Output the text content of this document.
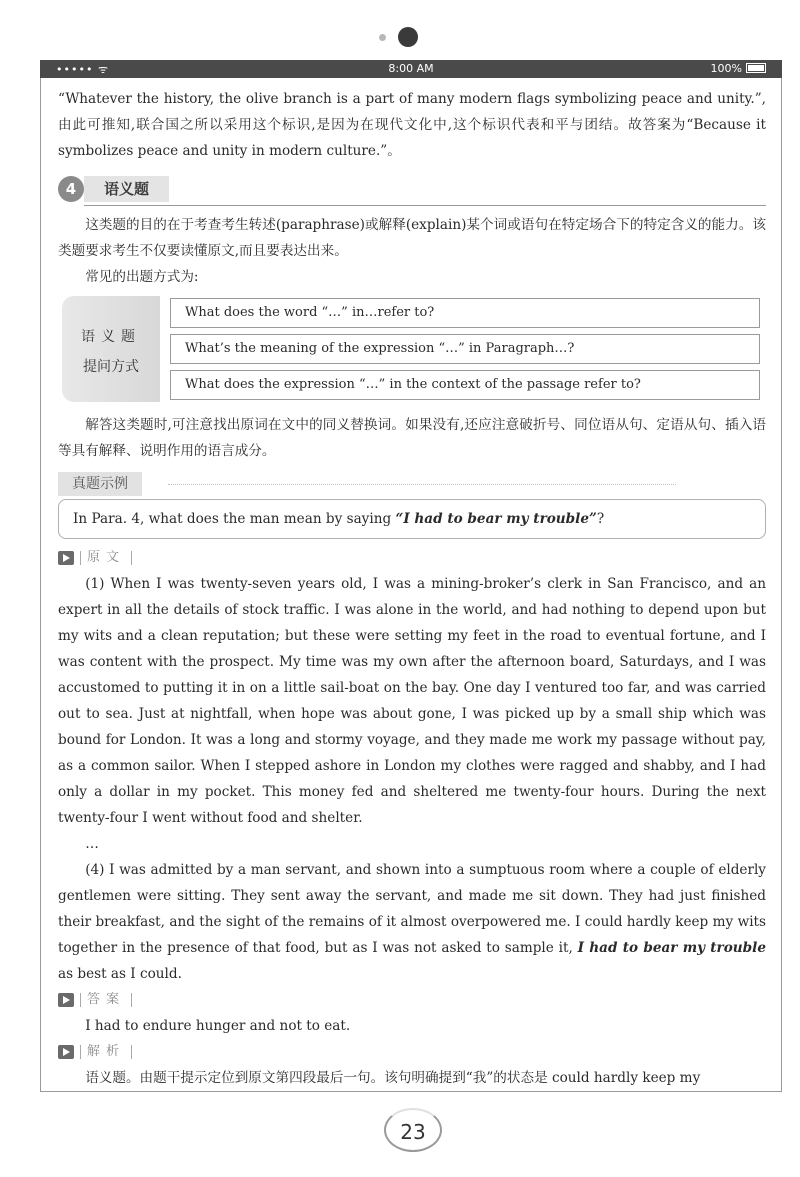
••••• ᯤ	8:00 AM	100%

“Whatever the history, the olive branch is a part of many modern flags symbolizing peace and unity.”,由此可推知,联合国之所以采用这个标识,是因为在现代文化中,这个标识代表和平与团结。故答案为“Because it symbolizes peace and unity in modern culture.”。

4	语义题

这类题的目的在于考查考生转述(paraphrase)或解释(explain)某个词或语句在特定场合下的特定含义的能力。该类题要求考生不仅要读懂原文,而且要表达出来。

常见的出题方式为:

语义题
提问方式
What does the word “…” in…refer to?
What’s the meaning of the expression “…” in Paragraph…?
What does the expression “…” in the context of the passage refer to?

解答这类题时,可注意找出原词在文中的同义替换词。如果没有,还应注意破折号、同位语从句、定语从句、插入语等具有解释、说明作用的语言成分。

真题示例
In Para. 4, what does the man mean by saying “I had to bear my trouble”?
原文

(1) When I was twenty-seven years old, I was a mining-broker’s clerk in San Francisco, and an expert in all the details of stock traffic. I was alone in the world, and had nothing to depend upon but my wits and a clean reputation; but these were setting my feet in the road to eventual fortune, and I was content with the prospect. My time was my own after the afternoon board, Saturdays, and I was accustomed to putting it in on a little sail-boat on the bay. One day I ventured too far, and was carried out to sea. Just at nightfall, when hope was about gone, I was picked up by a small ship which was bound for London. It was a long and stormy voyage, and they made me work my passage without pay, as a common sailor. When I stepped ashore in London my clothes were ragged and shabby, and I had only a dollar in my pocket. This money fed and sheltered me twenty-four hours. During the next twenty-four I went without food and shelter.

…

(4) I was admitted by a man servant, and shown into a sumptuous room where a couple of elderly gentlemen were sitting. They sent away the servant, and made me sit down. They had just finished their breakfast, and the sight of the remains of it almost overpowered me. I could hardly keep my wits together in the presence of that food, but as I was not asked to sample it, I had to bear my trouble as best as I could.

答案

I had to endure hunger and not to eat.

解析

语义题。由题干提示定位到原文第四段最后一句。该句明确提到“我”的状态是 could hardly keep my

23
